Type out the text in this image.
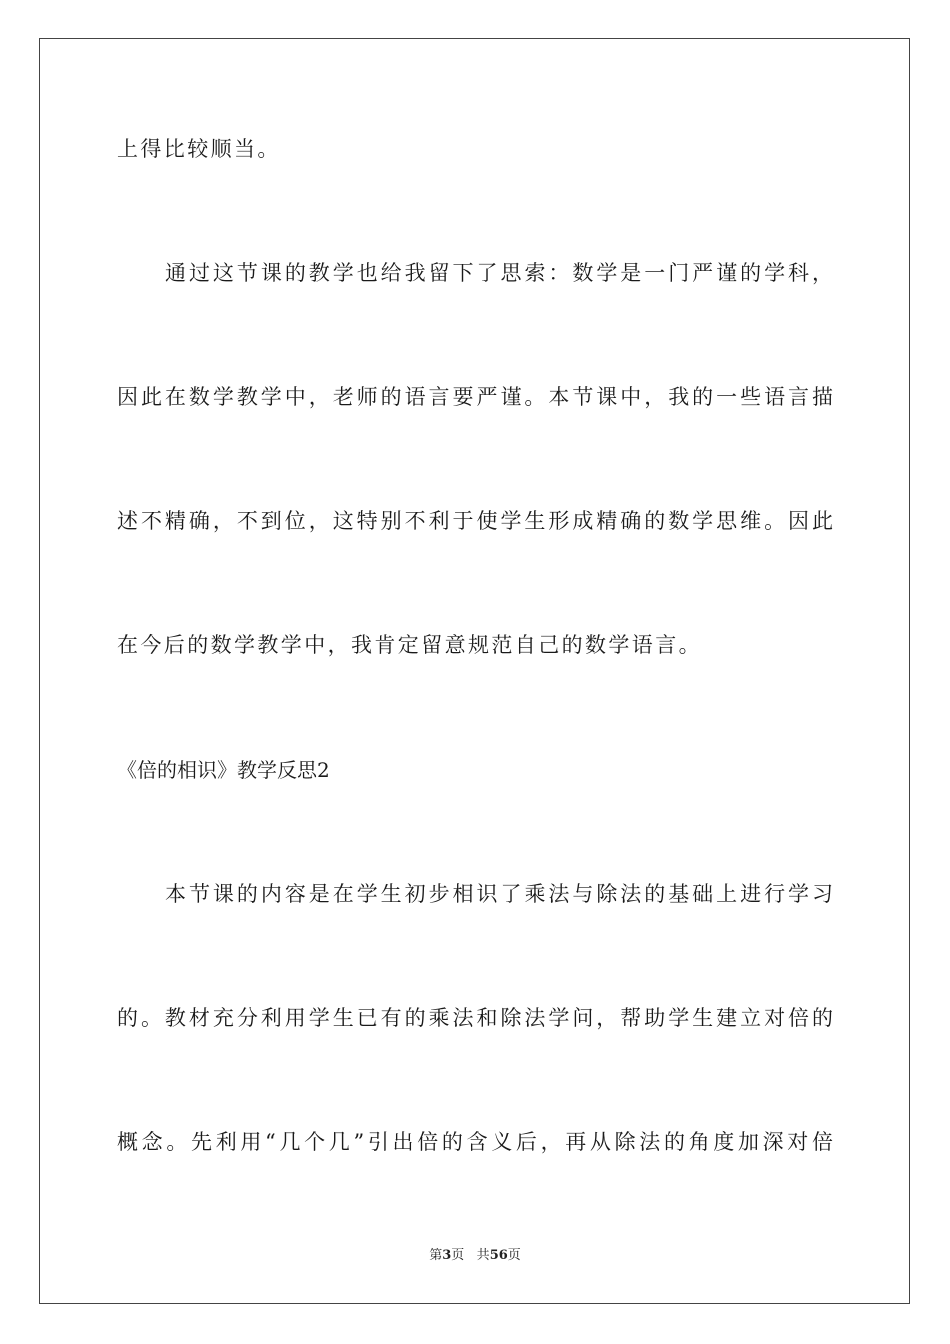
上得比较顺当。
通过这节课的教学也给我留下了思索：数学是一门严谨的学科，
因此在数学教学中，老师的语言要严谨。本节课中，我的一些语言描
述不精确，不到位，这特别不利于使学生形成精确的数学思维。因此
在今后的数学教学中，我肯定留意规范自己的数学语言。
《倍的相识》教学反思2
本节课的内容是在学生初步相识了乘法与除法的基础上进行学习
的。教材充分利用学生已有的乘法和除法学问，帮助学生建立对倍的
概念。先利用“几个几”引出倍的含义后，再从除法的角度加深对倍
第3页 共56页
